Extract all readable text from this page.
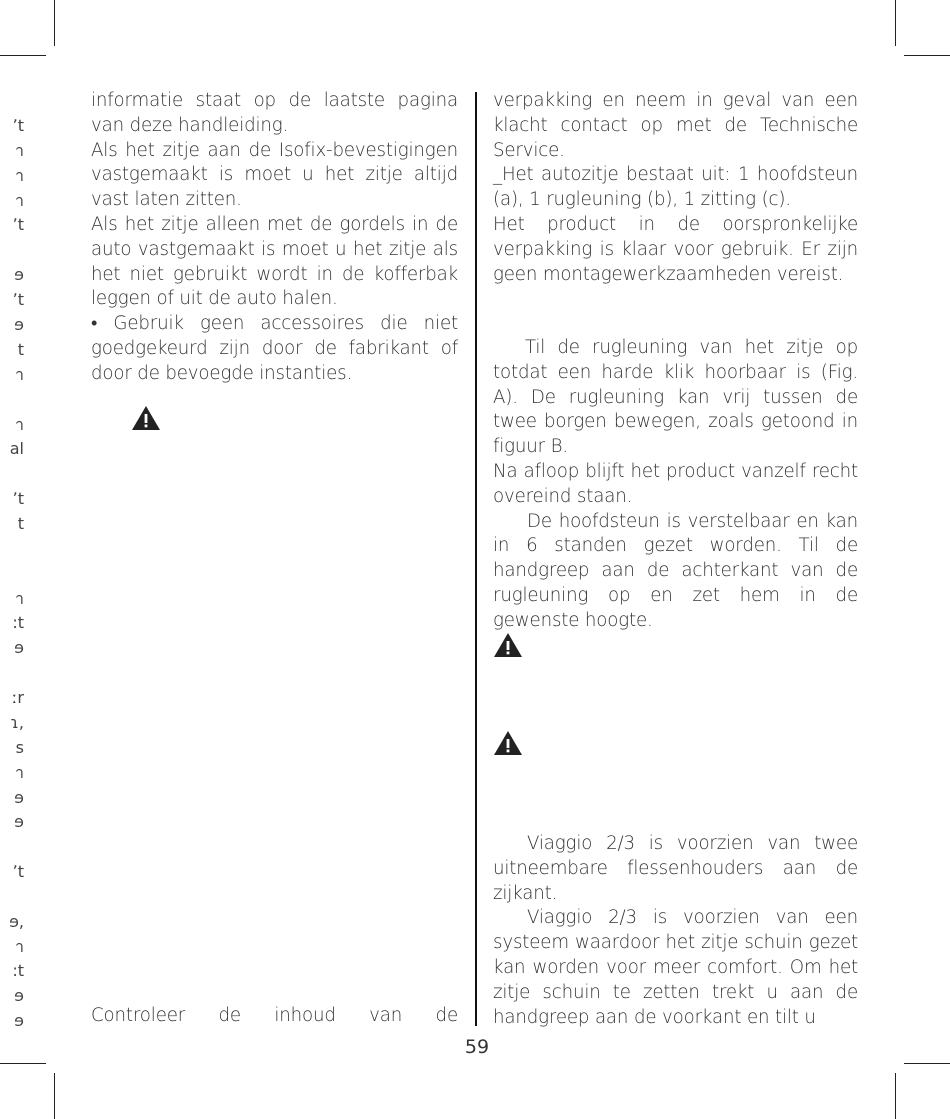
ʼt
า
า
า
ʼt
ɘ
ʼt
ɘ
t
า
า
al
ʼt
t
า
:t
ɘ
ːr
ɿ,
s
า
ɘ
ɘ
ʼt
ɘ,
า
:t
ɘ
ɘ

informatie staat op de laatste pagina van deze handleiding.

Als het zitje aan de Isofix-bevestigingen vastgemaakt is moet u het zitje altijd vast laten zitten.

Als het zitje alleen met de gordels in de auto vastgemaakt is moet u het zitje als het niet gebruikt wordt in de kofferbak leggen of uit de auto halen.

• Gebruik geen accessoires die niet goedgekeurd zijn door de fabrikant of door de bevoegde instanties.

Controleer de inhoud van de

verpakking en neem in geval van een klacht contact op met de Technische Service.

_Het autozitje bestaat uit: 1 hoofdsteun (a), 1 rugleuning (b), 1 zitting (c).

Het product in de oorspronkelijke verpakking is klaar voor gebruik. Er zijn geen montagewerkzaamheden vereist.

Til de rugleuning van het zitje op totdat een harde klik hoorbaar is (Fig. A). De rugleuning kan vrij tussen de twee borgen bewegen, zoals getoond in figuur B.

Na afloop blijft het product vanzelf recht overeind staan.

De hoofdsteun is verstelbaar en kan in 6 standen gezet worden. Til de handgreep aan de achterkant van de rugleuning op en zet hem in de gewenste hoogte.

Viaggio 2/3 is voorzien van twee uitneembare flessenhouders aan de zijkant.

Viaggio 2/3 is voorzien van een systeem waardoor het zitje schuin gezet kan worden voor meer comfort. Om het zitje schuin te zetten trekt u aan de handgreep aan de voorkant en tilt u

59
